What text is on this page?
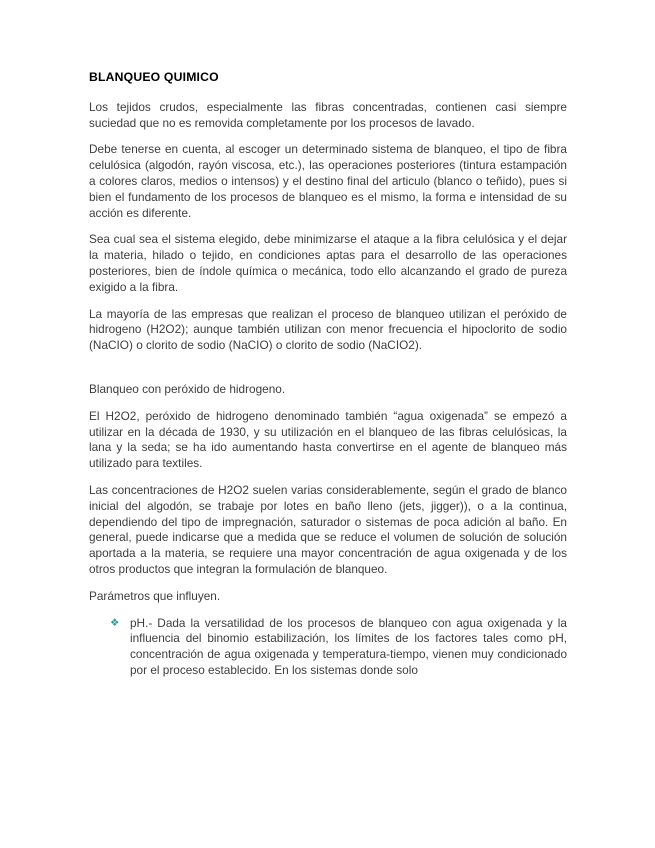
BLANQUEO QUIMICO

Los tejidos crudos, especialmente las fibras concentradas, contienen casi siempre suciedad que no es removida completamente por los procesos de lavado.

Debe tenerse en cuenta, al escoger un determinado sistema de blanqueo, el tipo de fibra celulósica (algodón, rayón viscosa, etc.), las operaciones posteriores (tintura estampación a colores claros, medios o intensos) y el destino final del articulo (blanco o teñido), pues si bien el fundamento de los procesos de blanqueo es el mismo, la forma e intensidad de su acción es diferente.

Sea cual sea el sistema elegido, debe minimizarse el ataque a la fibra celulósica y el dejar la materia, hilado o tejido, en condiciones aptas para el desarrollo de las operaciones posteriores, bien de índole química o mecánica, todo ello alcanzando el grado de pureza exigido a la fibra.

La mayoría de las empresas que realizan el proceso de blanqueo utilizan el peróxido de hidrogeno (H2O2); aunque también utilizan con menor frecuencia el hipoclorito de sodio (NaCIO) o clorito de sodio (NaCIO) o clorito de sodio (NaCIO2).

Blanqueo con peróxido de hidrogeno.

El H2O2, peróxido de hidrogeno denominado también “agua oxigenada” se empezó a utilizar en la década de 1930, y su utilización en el blanqueo de las fibras celulósicas, la lana y la seda; se ha ido aumentando hasta convertirse en el agente de blanqueo más utilizado para textiles.

Las concentraciones de H2O2 suelen varias considerablemente, según el grado de blanco inicial del algodón, se trabaje por lotes en baño lleno (jets, jigger)), o a la continua, dependiendo del tipo de impregnación, saturador o sistemas de poca adición al baño. En general, puede indicarse que a medida que se reduce el volumen de solución de solución aportada a la materia, se requiere una mayor concentración de agua oxigenada y de los otros productos que integran la formulación de blanqueo.

Parámetros que influyen.

❖ pH.- Dada la versatilidad de los procesos de blanqueo con agua oxigenada y la influencia del binomio estabilización, los límites de los factores tales como pH, concentración de agua oxigenada y temperatura-tiempo, vienen muy condicionado por el proceso establecido. En los sistemas donde solo
